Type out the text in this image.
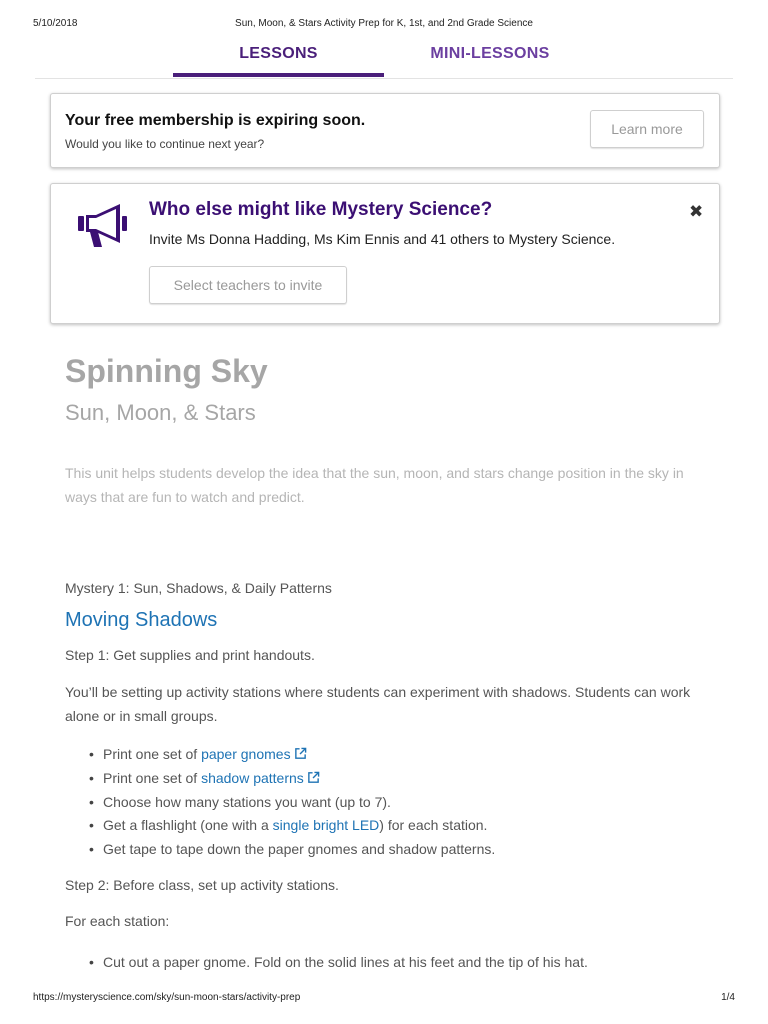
5/10/2018	Sun, Moon, & Stars Activity Prep for K, 1st, and 2nd Grade Science
LESSONS	MINI-LESSONS
Your free membership is expiring soon.
Would you like to continue next year?
Learn more
Who else might like Mystery Science?
Invite Ms Donna Hadding, Ms Kim Ennis and 41 others to Mystery Science.
✖
Select teachers to invite
Spinning Sky
Sun, Moon, & Stars
This unit helps students develop the idea that the sun, moon, and stars change position in the sky in ways that are fun to watch and predict.
Mystery 1: Sun, Shadows, & Daily Patterns
Moving Shadows
Step 1: Get supplies and print handouts.
You’ll be setting up activity stations where students can experiment with shadows. Students can work alone or in small groups.
Print one set of paper gnomes
Print one set of shadow patterns
Choose how many stations you want (up to 7).
Get a flashlight (one with a single bright LED) for each station.
Get tape to tape down the paper gnomes and shadow patterns.
Step 2: Before class, set up activity stations.
For each station:
Cut out a paper gnome. Fold on the solid lines at his feet and the tip of his hat.
https://mysteryscience.com/sky/sun-moon-stars/activity-prep	1/4
